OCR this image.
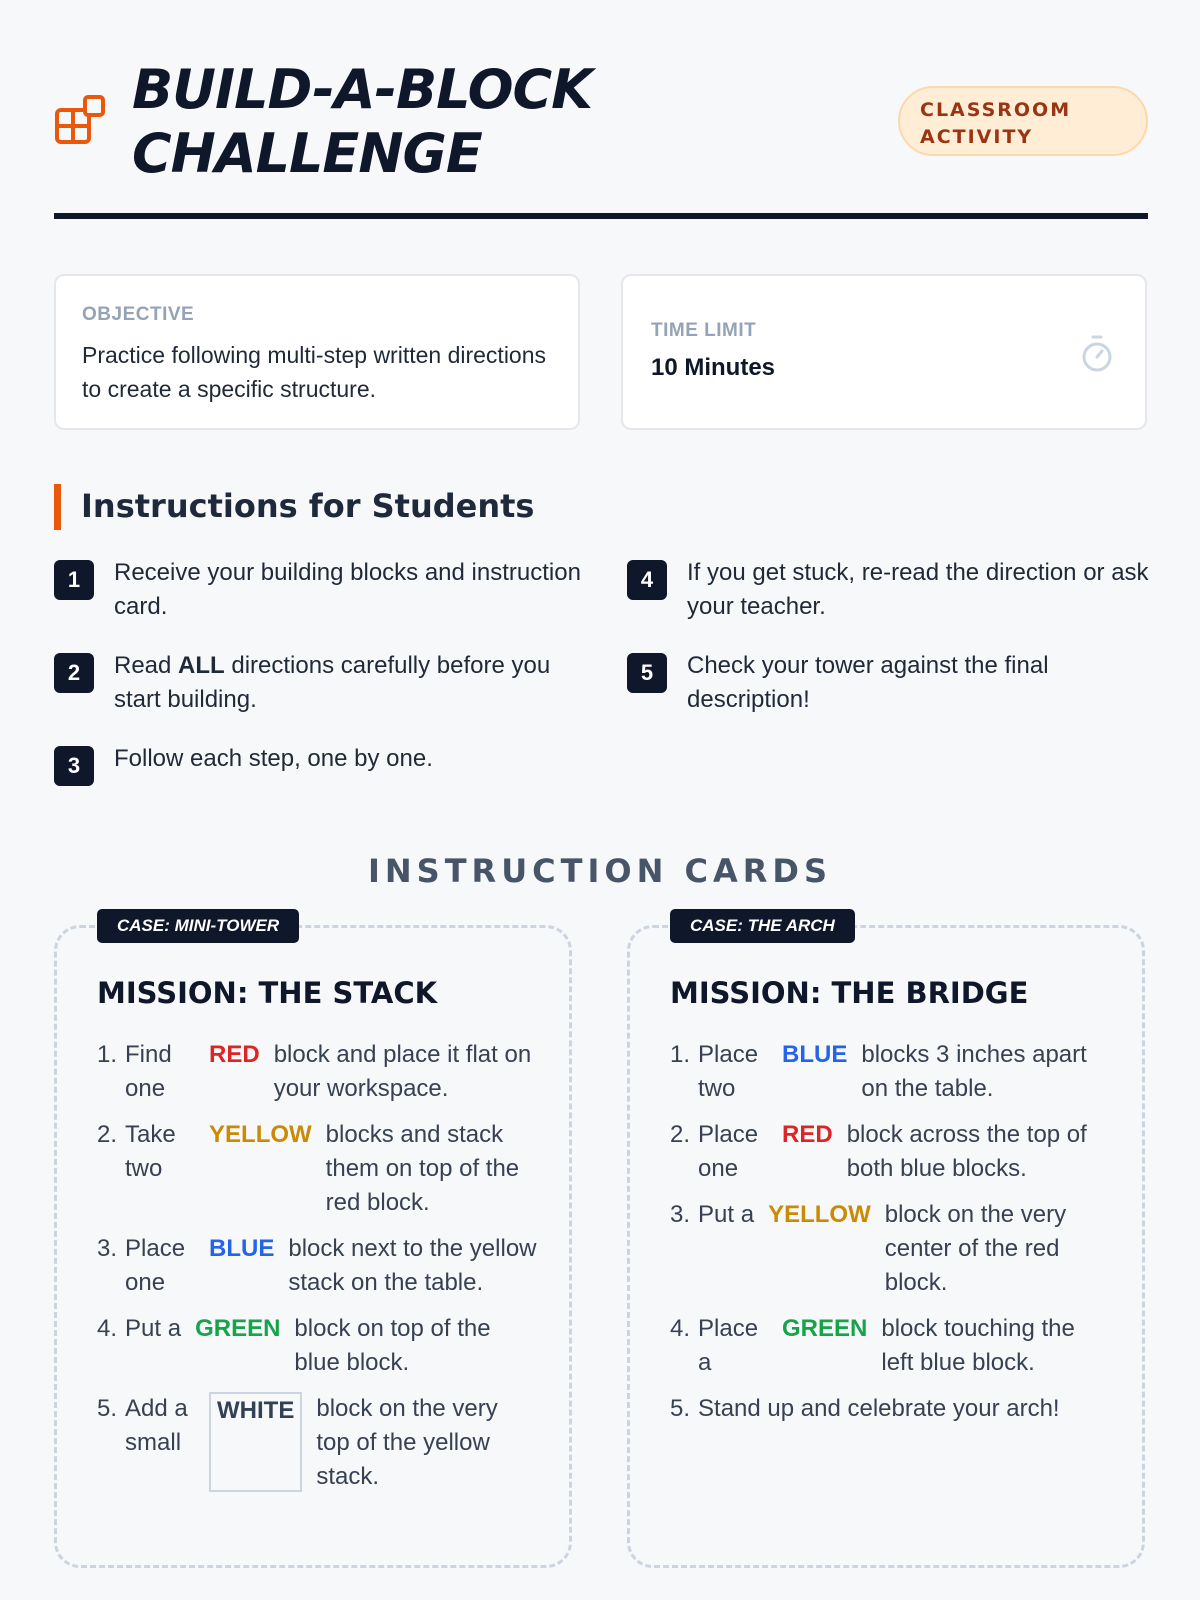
BUILD-A-BLOCK CHALLENGE
CLASSROOM ACTIVITY
OBJECTIVE
Practice following multi-step written directions to create a specific structure.
TIME LIMIT
10 Minutes
Instructions for Students
1	Receive your building blocks and instruction card.
2	Read ALL directions carefully before you start building.
3	Follow each step, one by one.
4	If you get stuck, re-read the direction or ask your teacher.
5	Check your tower against the final description!
INSTRUCTION CARDS
CASE: MINI-TOWER
MISSION: THE STACK
1. Find one
RED block and place it flat on your workspace.
2. Take two
YELLOW blocks and stack them on top of the red block.
3. Place one
BLUE block next to the yellow stack on the table.
4. Put a GREEN block on top of the blue block.
5. Add a small
WHITE block on the very top of the yellow stack.
CASE: THE ARCH
MISSION: THE BRIDGE
1. Place two
BLUE blocks 3 inches apart on the table.
2. Place one
RED block across the top of both blue blocks.
3. Put a YELLOW block on the very center of the red block.
4. Place a
GREEN block touching the left blue block.
5. Stand up and celebrate your arch!
